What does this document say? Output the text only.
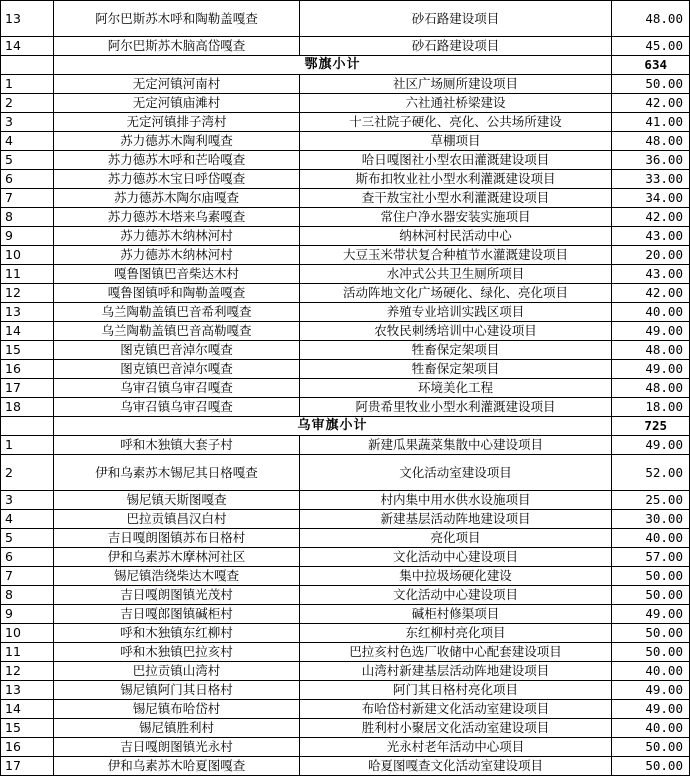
13	阿尔巴斯苏木呼和陶勒盖嘎查	砂石路建设项目	48.00
14	阿尔巴斯苏木脑高岱嘎查	砂石路建设项目	45.00
	鄂旗小计		634
1	无定河镇河南村	社区广场厕所建设项目	50.00
2	无定河镇庙滩村	六社通社桥梁建设	42.00
3	无定河镇排子湾村	十三社院子硬化、亮化、公共场所建设	41.00
4	苏力德苏木陶利嘎查	草棚项目	48.00
5	苏力德苏木呼和芒哈嘎查	哈日嘎图社小型农田灌溉建设项目	36.00
6	苏力德苏木宝日呼岱嘎查	斯布扣牧业社小型水利灌溉建设项目	33.00
7	苏力德苏木陶尔庙嘎查	查干敖宝社小型水利灌溉建设项目	34.00
8	苏力德苏木塔来乌素嘎查	常住户净水器安装实施项目	42.00
9	苏力德苏木纳林河村	纳林河村民活动中心	43.00
10	苏力德苏木纳林河村	大豆玉米带状复合种植节水灌溉建设项目	20.00
11	嘎鲁图镇巴音柴达木村	水冲式公共卫生厕所项目	43.00
12	嘎鲁图镇呼和陶勒盖嘎查	活动阵地文化广场硬化、绿化、亮化项目	42.00
13	乌兰陶勒盖镇巴音希利嘎查	养殖专业培训实践区项目	40.00
14	乌兰陶勒盖镇巴音高勒嘎查	农牧民刺绣培训中心建设项目	49.00
15	图克镇巴音淖尔嘎查	牲畜保定架项目	48.00
16	图克镇巴音淖尔嘎查	牲畜保定架项目	49.00
17	乌审召镇乌审召嘎查	环境美化工程	48.00
18	乌审召镇乌审召嘎查	阿贵希里牧业小型水利灌溉建设项目	18.00
	乌审旗小计		725
1	呼和木独镇大套子村	新建瓜果蔬菜集散中心建设项目	49.00
2	伊和乌素苏木锡尼其日格嘎查	文化活动室建设项目	52.00
3	锡尼镇天斯图嘎查	村内集中用水供水设施项目	25.00
4	巴拉贡镇昌汉白村	新建基层活动阵地建设项目	30.00
5	吉日嘎朗图镇苏布日格村	亮化项目	40.00
6	伊和乌素苏木摩林河社区	文化活动中心建设项目	57.00
7	锡尼镇浩绕柴达木嘎查	集中拉圾场硬化建设	50.00
8	吉日嘎朗图镇光茂村	文化活动中心建设项目	50.00
9	吉日嘎郎图镇碱柜村	碱柜村修渠项目	49.00
10	呼和木独镇东红柳村	东红柳村亮化项目	50.00
11	呼和木独镇巴拉亥村	巴拉亥村色选厂收储中心配套建设项目	50.00
12	巴拉贡镇山湾村	山湾村新建基层活动阵地建设项目	40.00
13	锡尼镇阿门其日格村	阿门其日格村亮化项目	49.00
14	锡尼镇布哈岱村	布哈岱村新建文化活动室建设项目	49.00
15	锡尼镇胜利村	胜利村小聚居文化活动室建设项目	40.00
16	吉日嘎朗图镇光永村	光永村老年活动中心项目	50.00
17	伊和乌素苏木哈夏图嘎查	哈夏图嘎查文化活动室建设项目	50.00
